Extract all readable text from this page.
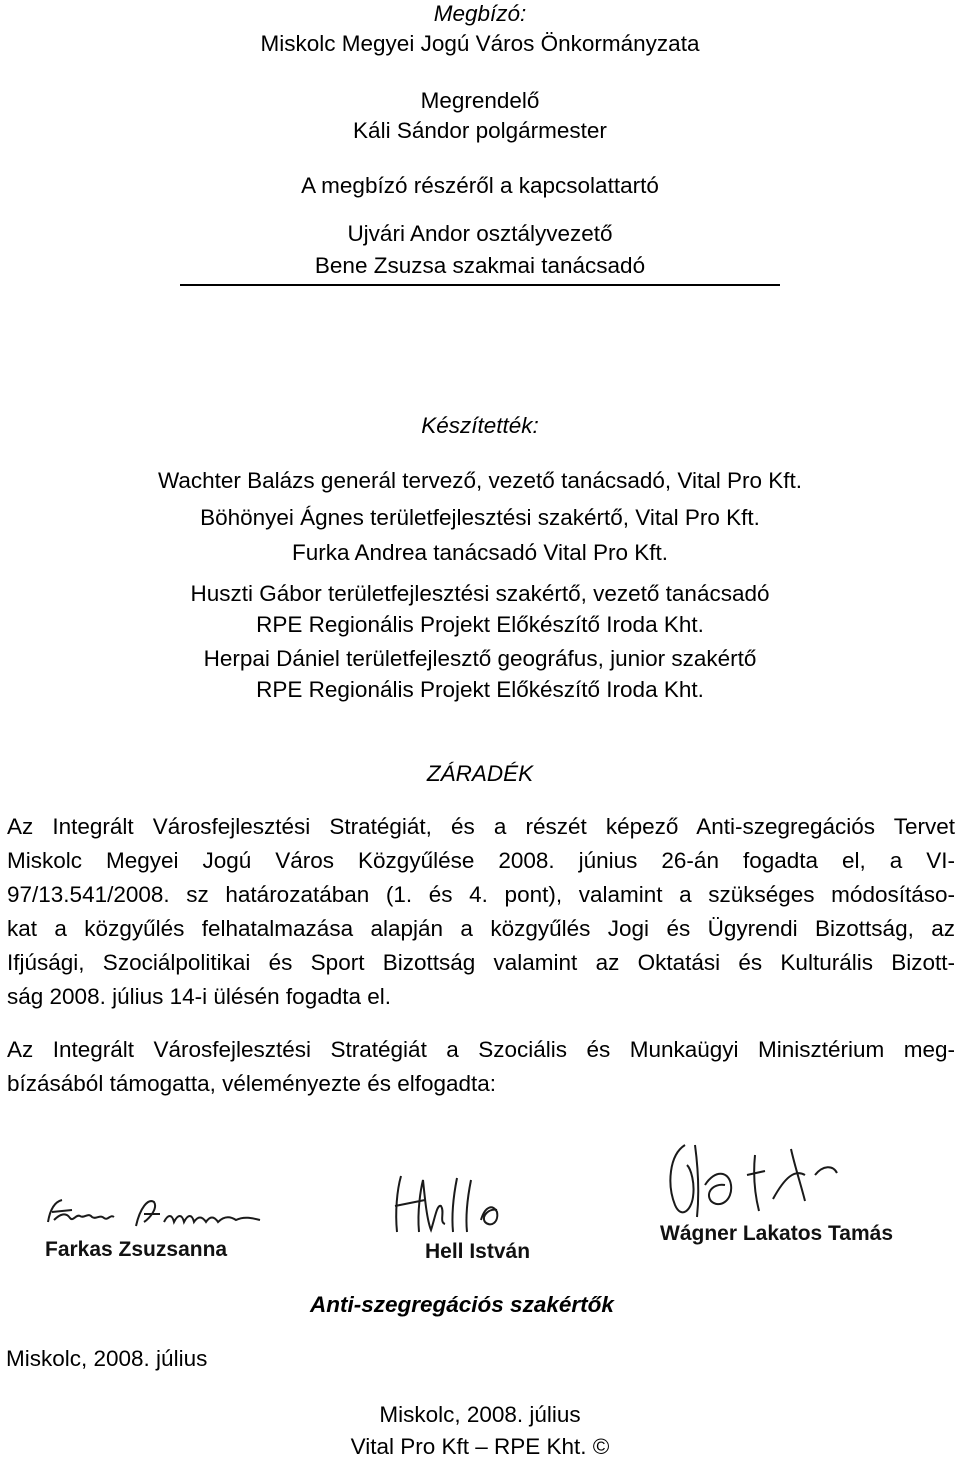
Megbízó:
Miskolc Megyei Jogú Város Önkormányzata
Megrendelő
Káli Sándor polgármester
A megbízó részéről a kapcsolattartó
Ujvári Andor osztályvezető
Bene Zsuzsa szakmai tanácsadó
Készítették:
Wachter Balázs generál tervező, vezető tanácsadó, Vital Pro Kft.
Böhönyei Ágnes területfejlesztési szakértő, Vital Pro Kft.
Furka Andrea tanácsadó Vital Pro Kft.
Huszti Gábor területfejlesztési szakértő, vezető tanácsadó
RPE Regionális Projekt Előkészítő Iroda Kht.
Herpai Dániel területfejlesztő geográfus, junior szakértő
RPE Regionális Projekt Előkészítő Iroda Kht.
ZÁRADÉK
Az Integrált Városfejlesztési Stratégiát, és a részét képező Anti-szegregációs Tervet
Miskolc Megyei Jogú Város Közgyűlése 2008. június 26-án fogadta el, a VI-
97/13.541/2008. sz határozatában (1. és 4. pont), valamint a szükséges módosításo-
kat a közgyűlés felhatalmazása alapján a közgyűlés Jogi és Ügyrendi Bizottság, az
Ifjúsági, Szociálpolitikai és Sport Bizottság valamint az Oktatási és Kulturális Bizott-
ság 2008. július 14-i ülésén fogadta el.
Az Integrált Városfejlesztési Stratégiát a Szociális és Munkaügyi Minisztérium meg-
bízásából támogatta, véleményezte és elfogadta:
Farkas Zsuzsanna	Hell István
Wágner Lakatos Tamás
Anti-szegregációs szakértők
Miskolc, 2008. július
Miskolc, 2008. július
Vital Pro Kft – RPE Kht. ©
